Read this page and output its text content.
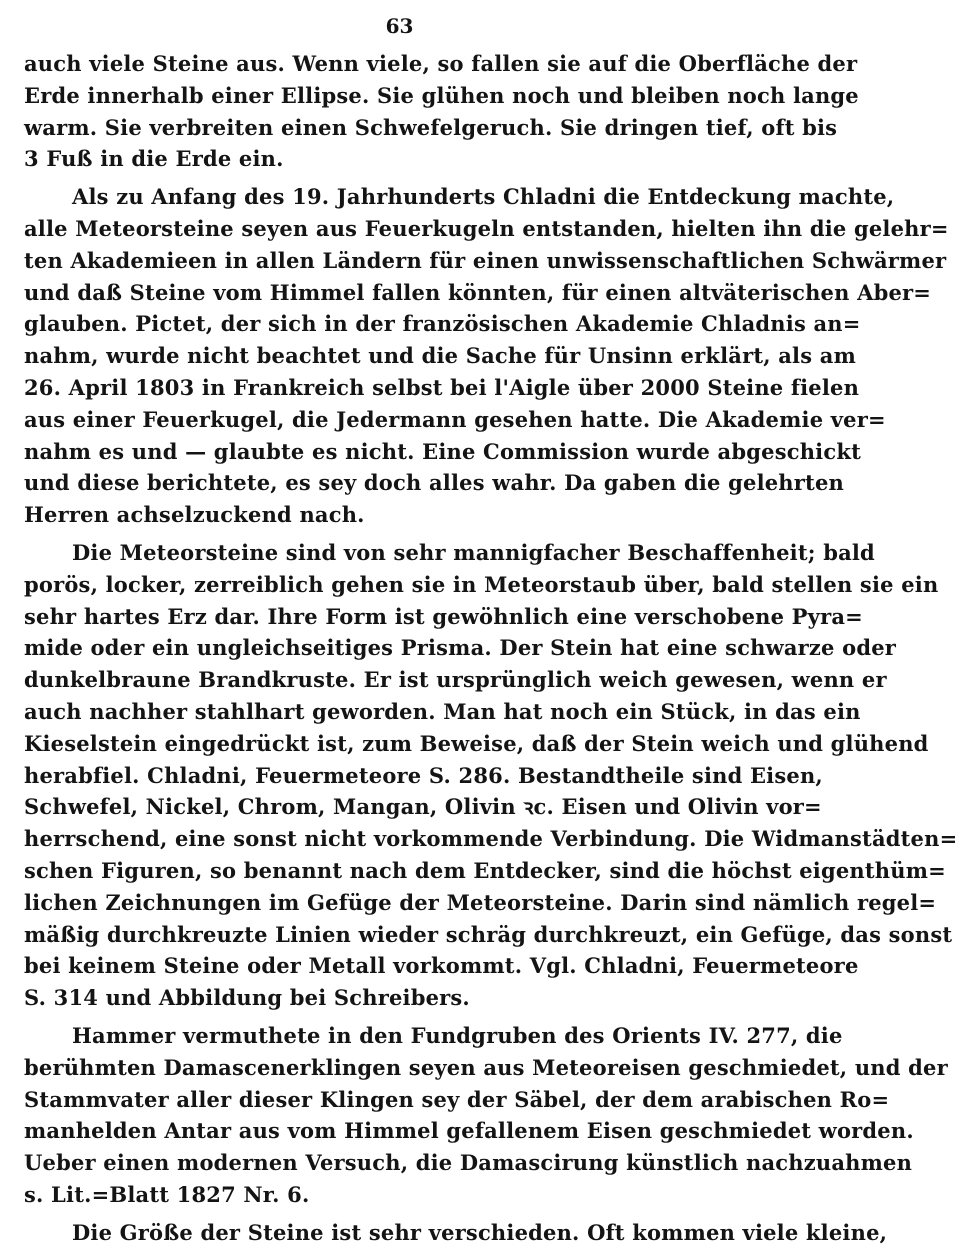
63
auch viele Steine aus. Wenn viele, so fallen sie auf die Oberfläche der
Erde innerhalb einer Ellipse. Sie glühen noch und bleiben noch lange
warm. Sie verbreiten einen Schwefelgeruch. Sie dringen tief, oft bis
3 Fuß in die Erde ein.
Als zu Anfang des 19. Jahrhunderts Chladni die Entdeckung machte,
alle Meteorsteine seyen aus Feuerkugeln entstanden, hielten ihn die gelehr=
ten Akademieen in allen Ländern für einen unwissenschaftlichen Schwärmer
und daß Steine vom Himmel fallen könnten, für einen altväterischen Aber=
glauben. Pictet, der sich in der französischen Akademie Chladnis an=
nahm, wurde nicht beachtet und die Sache für Unsinn erklärt, als am
26. April 1803 in Frankreich selbst bei l'Aigle über 2000 Steine fielen
aus einer Feuerkugel, die Jedermann gesehen hatte. Die Akademie ver=
nahm es und — glaubte es nicht. Eine Commission wurde abgeschickt
und diese berichtete, es sey doch alles wahr. Da gaben die gelehrten
Herren achselzuckend nach.
Die Meteorsteine sind von sehr mannigfacher Beschaffenheit; bald
porös, locker, zerreiblich gehen sie in Meteorstaub über, bald stellen sie ein
sehr hartes Erz dar. Ihre Form ist gewöhnlich eine verschobene Pyra=
mide oder ein ungleichseitiges Prisma. Der Stein hat eine schwarze oder
dunkelbraune Brandkruste. Er ist ursprünglich weich gewesen, wenn er
auch nachher stahlhart geworden. Man hat noch ein Stück, in das ein
Kieselstein eingedrückt ist, zum Beweise, daß der Stein weich und glühend
herabfiel. Chladni, Feuermeteore S. 286. Bestandtheile sind Eisen,
Schwefel, Nickel, Chrom, Mangan, Olivin ꝛc. Eisen und Olivin vor=
herrschend, eine sonst nicht vorkommende Verbindung. Die Widmanstädten=
schen Figuren, so benannt nach dem Entdecker, sind die höchst eigenthüm=
lichen Zeichnungen im Gefüge der Meteorsteine. Darin sind nämlich regel=
mäßig durchkreuzte Linien wieder schräg durchkreuzt, ein Gefüge, das sonst
bei keinem Steine oder Metall vorkommt. Vgl. Chladni, Feuermeteore
S. 314 und Abbildung bei Schreibers.
Hammer vermuthete in den Fundgruben des Orients IV. 277, die
berühmten Damascenerklingen seyen aus Meteoreisen geschmiedet, und der
Stammvater aller dieser Klingen sey der Säbel, der dem arabischen Ro=
manhelden Antar aus vom Himmel gefallenem Eisen geschmiedet worden.
Ueber einen modernen Versuch, die Damascirung künstlich nachzuahmen
s. Lit.=Blatt 1827 Nr. 6.
Die Größe der Steine ist sehr verschieden. Oft kommen viele kleine,
